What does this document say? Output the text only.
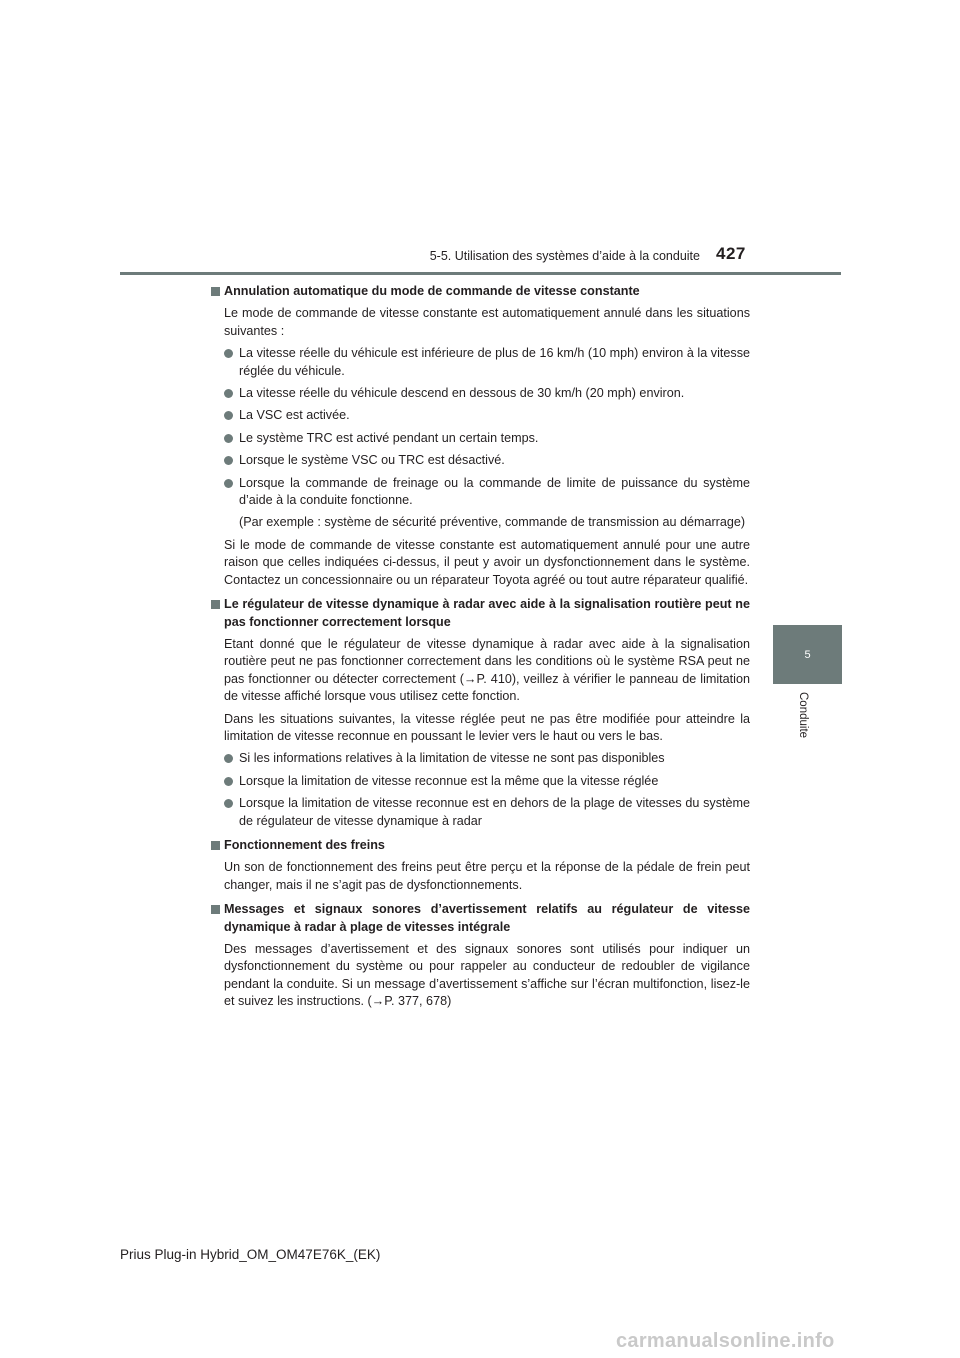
5-5. Utilisation des systèmes d’aide à la conduite 427
5
Conduite
Annulation automatique du mode de commande de vitesse constante
Le mode de commande de vitesse constante est automatiquement annulé dans les situations suivantes :
La vitesse réelle du véhicule est inférieure de plus de 16 km/h (10 mph) environ à la vitesse réglée du véhicule.
La vitesse réelle du véhicule descend en dessous de 30 km/h (20 mph) environ.
La VSC est activée.
Le système TRC est activé pendant un certain temps.
Lorsque le système VSC ou TRC est désactivé.
Lorsque la commande de freinage ou la commande de limite de puissance du système d’aide à la conduite fonctionne.
(Par exemple : système de sécurité préventive, commande de transmission au démarrage)
Si le mode de commande de vitesse constante est automatiquement annulé pour une autre raison que celles indiquées ci-dessus, il peut y avoir un dysfonctionnement dans le système. Contactez un concessionnaire ou un réparateur Toyota agréé ou tout autre réparateur qualifié.
Le régulateur de vitesse dynamique à radar avec aide à la signalisation routière peut ne pas fonctionner correctement lorsque
Etant donné que le régulateur de vitesse dynamique à radar avec aide à la signalisation routière peut ne pas fonctionner correctement dans les conditions où le système RSA peut ne pas fonctionner ou détecter correctement (→P. 410), veillez à vérifier le panneau de limitation de vitesse affiché lorsque vous utilisez cette fonction.
Dans les situations suivantes, la vitesse réglée peut ne pas être modifiée pour atteindre la limitation de vitesse reconnue en poussant le levier vers le haut ou vers le bas.
Si les informations relatives à la limitation de vitesse ne sont pas disponibles
Lorsque la limitation de vitesse reconnue est la même que la vitesse réglée
Lorsque la limitation de vitesse reconnue est en dehors de la plage de vitesses du système de régulateur de vitesse dynamique à radar
Fonctionnement des freins
Un son de fonctionnement des freins peut être perçu et la réponse de la pédale de frein peut changer, mais il ne s’agit pas de dysfonctionnements.
Messages et signaux sonores d’avertissement relatifs au régulateur de vitesse dynamique à radar à plage de vitesses intégrale
Des messages d’avertissement et des signaux sonores sont utilisés pour indiquer un dysfonctionnement du système ou pour rappeler au conducteur de redoubler de vigilance pendant la conduite. Si un message d’avertissement s’affiche sur l’écran multifonction, lisez-le et suivez les instructions. (→P. 377, 678)
Prius Plug-in Hybrid_OM_OM47E76K_(EK)
carmanualsonline.info
